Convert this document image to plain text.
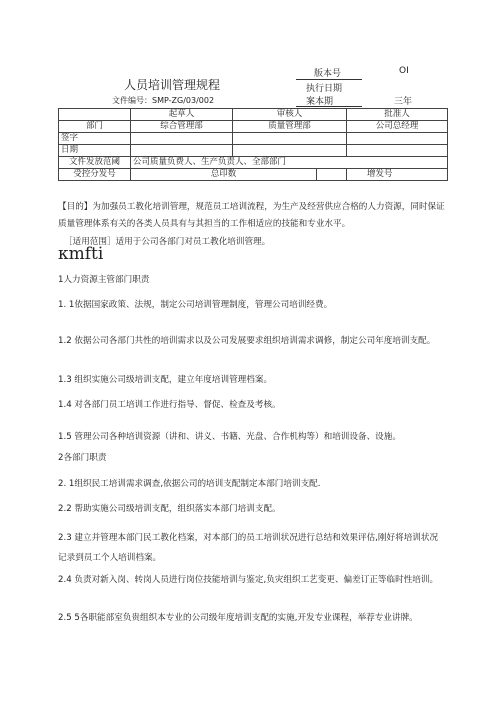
版本号	OI
人员培训管理规程	执行日期
文件编号：SMP-ZG/03/002	案本期	三年
	起草人	审核人		批准人
部门	综合管理部	质量管理部		公司总经理
签字				
日期				
文件发放范阈	公司质量负费人、生产负责人、全部部门			
受控分发号	总印数			增发号
【目的】为加强员工教化培训管理，规范员工培训流程，为生产及经营供应合格的人力资源，同时保证质量管理体系有关的各类人员具有与其担当的工作相适应的技能和专业水平。
［适用范围］适用于公司各部门对员工教化培训管理。
κmfti
1人力资源主管部门职责
1. 1依据国家政策、法规，制定公司培训管理制度，管理公司培训经费。
1.2 依据公司各部门共性的培训需求以及公司发展要求组织培训需求调修，制定公司年度培训支配。
1.3 组织实施公司级培训支配，建立年度培训管理档案。
1.4 对各部门员工培训工作进行指导、督促、检查及考核。
1.5 管理公司各种培训资源（讲和、讲义、书籍、光盘、合作机构等）和培训设备、设施。
2各部门职责
2. 1组织民工培训需求调查,依据公司的培训支配制定本部门培训支配.
2.2 帮助实施公司级培训支配，组织落实本部门培训支配。
2.3 建立并管理本部门民工教化档案，对本部门的员工培训状况进行总结和效果评估,刚好将培训状况记录到员工个人培训档案。
2.4 负责对新入岗、转岗人员进行岗位技能培训与鉴定,负灾组织工艺变更、偏差订正等临时性培训。
2.5 5各职能部室负贵组织本专业的公司级年度培训支配的实施,开发专业课程，举荐专业讲牌。
